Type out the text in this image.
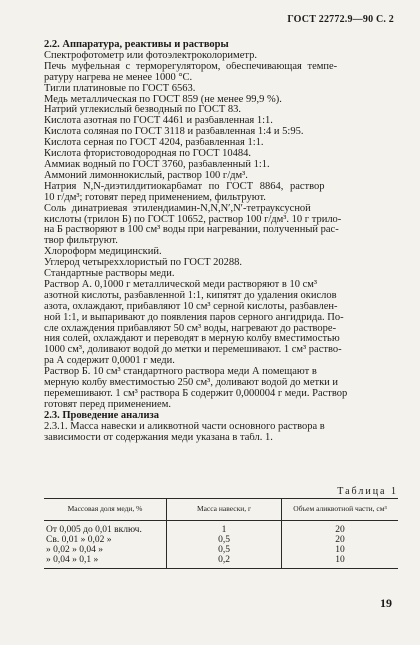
ГОСТ 22772.9—90 С. 2
2.2. Аппаратура, реактивы и растворы
Спектрофотометр или фотоэлектроколориметр.
Печь муфельная с терморегулятором, обеспечивающая темпе-
ратуру нагрева не менее 1000 °С.
Тигли платиновые по ГОСТ 6563.
Медь металлическая по ГОСТ 859 (не менее 99,9 %).
Натрий углекислый безводный по ГОСТ 83.
Кислота азотная по ГОСТ 4461 и разбавленная 1:1.
Кислота соляная по ГОСТ 3118 и разбавленная 1:4 и 5:95.
Кислота серная по ГОСТ 4204, разбавленная 1:1.
Кислота фтористоводородная по ГОСТ 10484.
Аммиак водный по ГОСТ 3760, разбавленный 1:1.
Аммоний лимоннокислый, раствор 100 г/дм³.
Натрия N,N-диэтилдитиокарбамат по ГОСТ 8864, раствор
10 г/дм³; готовят перед применением, фильтруют.
Соль динатриевая этилендиамин-N,N,N′,N′-тетрауксусной
кислоты (трилон Б) по ГОСТ 10652, раствор 100 г/дм³. 10 г трило-
на Б растворяют в 100 см³ воды при нагревании, полученный рас-
твор фильтруют.
Хлороформ медицинский.
Углерод четыреххлористый по ГОСТ 20288.
Стандартные растворы меди.
Раствор А. 0,1000 г металлической меди растворяют в 10 см³
азотной кислоты, разбавленной 1:1, кипятят до удаления окислов
азота, охлаждают, прибавляют 10 см³ серной кислоты, разбавлен-
ной 1:1, и выпаривают до появления паров серного ангидрида. По-
сле охлаждения прибавляют 50 см³ воды, нагревают до растворе-
ния солей, охлаждают и переводят в мерную колбу вместимостью
1000 см³, доливают водой до метки и перемешивают. 1 см³ раство-
ра А содержит 0,0001 г меди.
Раствор Б. 10 см³ стандартного раствора меди А помещают в
мерную колбу вместимостью 250 см³, доливают водой до метки и
перемешивают. 1 см³ раствора Б содержит 0,000004 г меди. Раствор
готовят перед применением.
2.3. Проведение анализа
2.3.1. Масса навески и аликвотной части основного раствора в
зависимости от содержания меди указана в табл. 1.
Таблица 1
Массовая доля меди, %	Масса навески, г	Объем аликвотной части, см³
От 0,005 до 0,01 включ.	1	20
Св. 0,01 » 0,02 »	0,5	20
» 0,02 » 0,04 »	0,5	10
» 0,04 » 0,1 »	0,2	10
19
